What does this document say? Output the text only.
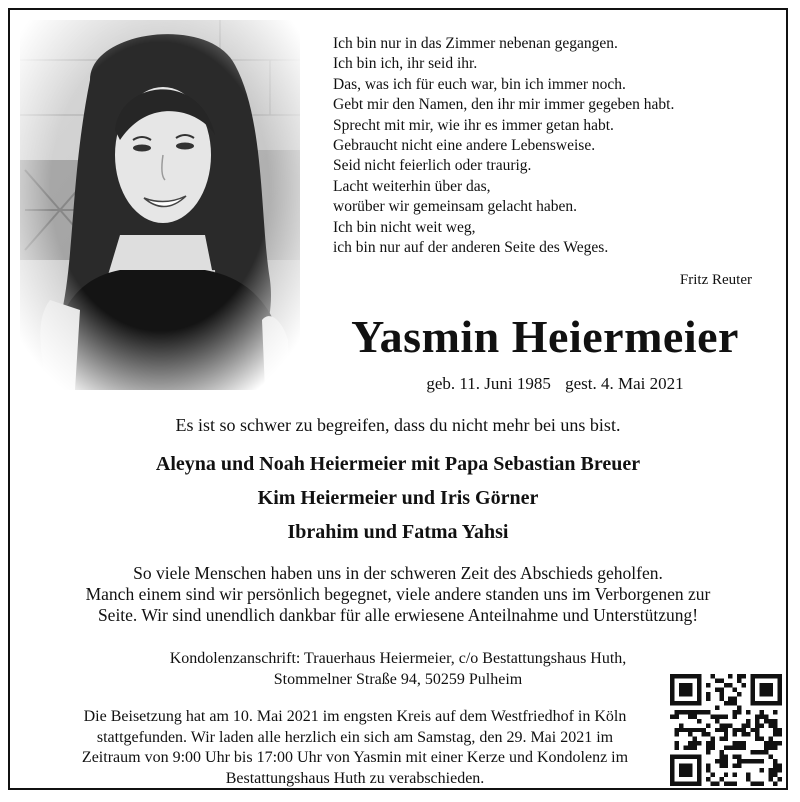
Ich bin nur in das Zimmer nebenan gegangen.
Ich bin ich, ihr seid ihr.
Das, was ich für euch war, bin ich immer noch.
Gebt mir den Namen, den ihr mir immer gegeben habt.
Sprecht mit mir, wie ihr es immer getan habt.
Gebraucht nicht eine andere Lebensweise.
Seid nicht feierlich oder traurig.
Lacht weiterhin über das,
worüber wir gemeinsam gelacht haben.
Ich bin nicht weit weg,
ich bin nur auf der anderen Seite des Weges.
Fritz Reuter
Yasmin Heiermeier
geb. 11. Juni 1985 gest. 4. Mai 2021
Es ist so schwer zu begreifen, dass du nicht mehr bei uns bist.
Aleyna und Noah Heiermeier mit Papa Sebastian Breuer
Kim Heiermeier und Iris Görner
Ibrahim und Fatma Yahsi
So viele Menschen haben uns in der schweren Zeit des Abschieds geholfen.
Manch einem sind wir persönlich begegnet, viele andere standen uns im Verborgenen zur
Seite. Wir sind unendlich dankbar für alle erwiesene Anteilnahme und Unterstützung!
Kondolenzanschrift: Trauerhaus Heiermeier, c/o Bestattungshaus Huth,
Stommelner Straße 94, 50259 Pulheim
Die Beisetzung hat am 10. Mai 2021 im engsten Kreis auf dem Westfriedhof in Köln
stattgefunden. Wir laden alle herzlich ein sich am Samstag, den 29. Mai 2021 im
Zeitraum von 9:00 Uhr bis 17:00 Uhr von Yasmin mit einer Kerze und Kondolenz im
Bestattungshaus Huth zu verabschieden.
